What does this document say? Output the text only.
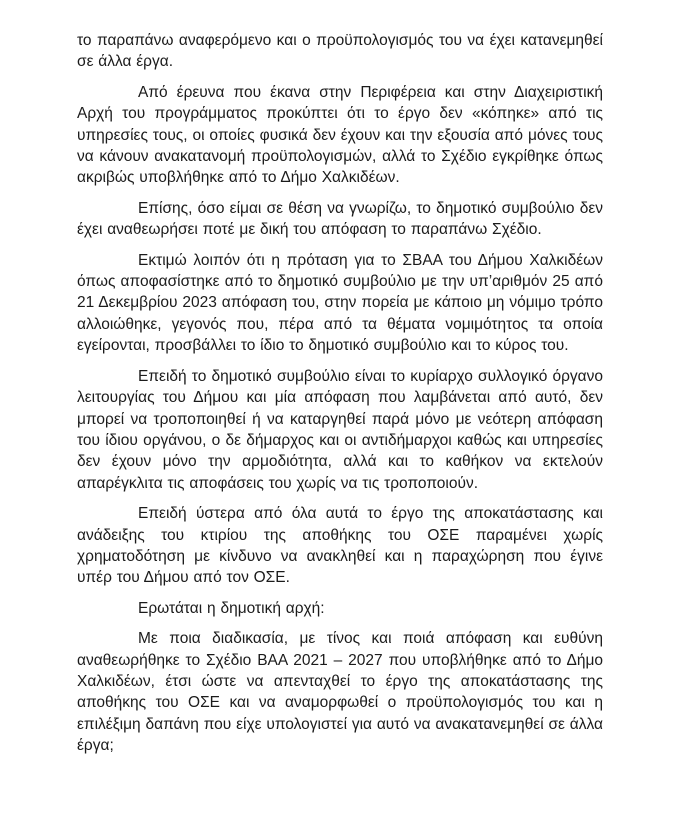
το παραπάνω αναφερόμενο και ο προϋπολογισμός του να έχει κατανεμηθεί σε άλλα έργα.

Από έρευνα που έκανα στην Περιφέρεια και στην Διαχειριστική Αρχή του προγράμματος προκύπτει ότι το έργο δεν «κόπηκε» από τις υπηρεσίες τους, οι οποίες φυσικά δεν έχουν και την εξουσία από μόνες τους να κάνουν ανακατανομή προϋπολογισμών, αλλά το Σχέδιο εγκρίθηκε όπως ακριβώς υποβλήθηκε από το Δήμο Χαλκιδέων.

Επίσης, όσο είμαι σε θέση να γνωρίζω, το δημοτικό συμβούλιο δεν έχει αναθεωρήσει ποτέ με δική του απόφαση το παραπάνω Σχέδιο.

Εκτιμώ λοιπόν ότι η πρόταση για το ΣΒΑΑ του Δήμου Χαλκιδέων όπως αποφασίστηκε από το δημοτικό συμβούλιο με την υπ’αριθμόν 25 από 21 Δεκεμβρίου 2023 απόφαση του, στην πορεία με κάποιο μη νόμιμο τρόπο αλλοιώθηκε, γεγονός που, πέρα από τα θέματα νομιμότητος τα οποία εγείρονται, προσβάλλει το ίδιο το δημοτικό συμβούλιο και το κύρος του.

Επειδή το δημοτικό συμβούλιο είναι το κυρίαρχο συλλογικό όργανο λειτουργίας του Δήμου και μία απόφαση που λαμβάνεται από αυτό, δεν μπορεί να τροποποιηθεί ή να καταργηθεί παρά μόνο με νεότερη απόφαση του ίδιου οργάνου, ο δε δήμαρχος και οι αντιδήμαρχοι καθώς και υπηρεσίες δεν έχουν μόνο την αρμοδιότητα, αλλά και το καθήκον να εκτελούν απαρέγκλιτα τις αποφάσεις του χωρίς να τις τροποποιούν.

Επειδή ύστερα από όλα αυτά το έργο της αποκατάστασης και ανάδειξης του κτιρίου της αποθήκης του ΟΣΕ παραμένει χωρίς χρηματοδότηση με κίνδυνο να ανακληθεί και η παραχώρηση που έγινε υπέρ του Δήμου από τον ΟΣΕ.

Ερωτάται η δημοτική αρχή:

Με ποια διαδικασία, με τίνος και ποιά απόφαση και ευθύνη αναθεωρήθηκε το Σχέδιο ΒΑΑ 2021 – 2027 που υποβλήθηκε από το Δήμο Χαλκιδέων, έτσι ώστε να απενταχθεί το έργο της αποκατάστασης της αποθήκης του ΟΣΕ και να αναμορφωθεί ο προϋπολογισμός του και η επιλέξιμη δαπάνη που είχε υπολογιστεί για αυτό να ανακατανεμηθεί σε άλλα έργα;
